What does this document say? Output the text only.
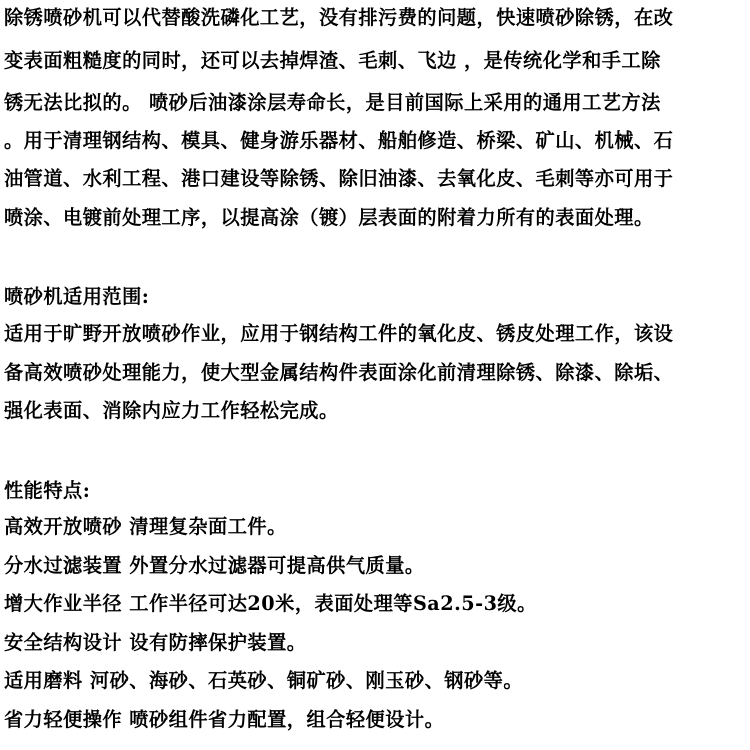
除锈喷砂机可以代替酸洗磷化工艺，没有排污费的问题，快速喷砂除锈，在改
变表面粗糙度的同时，还可以去掉焊渣、毛刺、飞边 ，是传统化学和手工除
锈无法比拟的。 喷砂后油漆涂层寿命长，是目前国际上采用的通用工艺方法
。用于清理钢结构、模具、健身游乐器材、船舶修造、桥梁、矿山、机械、石
油管道、水利工程、港口建设等除锈、除旧油漆、去氧化皮、毛刺等亦可用于
喷涂、电镀前处理工序，以提高涂（镀）层表面的附着力所有的表面处理。
喷砂机适用范围:
适用于旷野开放喷砂作业，应用于钢结构工件的氧化皮、锈皮处理工作，该设
备高效喷砂处理能力，使大型金属结构件表面涂化前清理除锈、除漆、除垢、
强化表面、消除内应力工作轻松完成。
性能特点:
高效开放喷砂 清理复杂面工件。
分水过滤装置 外置分水过滤器可提高供气质量。
增大作业半径 工作半径可达20米，表面处理等Sa2.5-3级。
安全结构设计 设有防摔保护装置。
适用磨料 河砂、海砂、石英砂、铜矿砂、刚玉砂、钢砂等。
省力轻便操作 喷砂组件省力配置，组合轻便设计。
